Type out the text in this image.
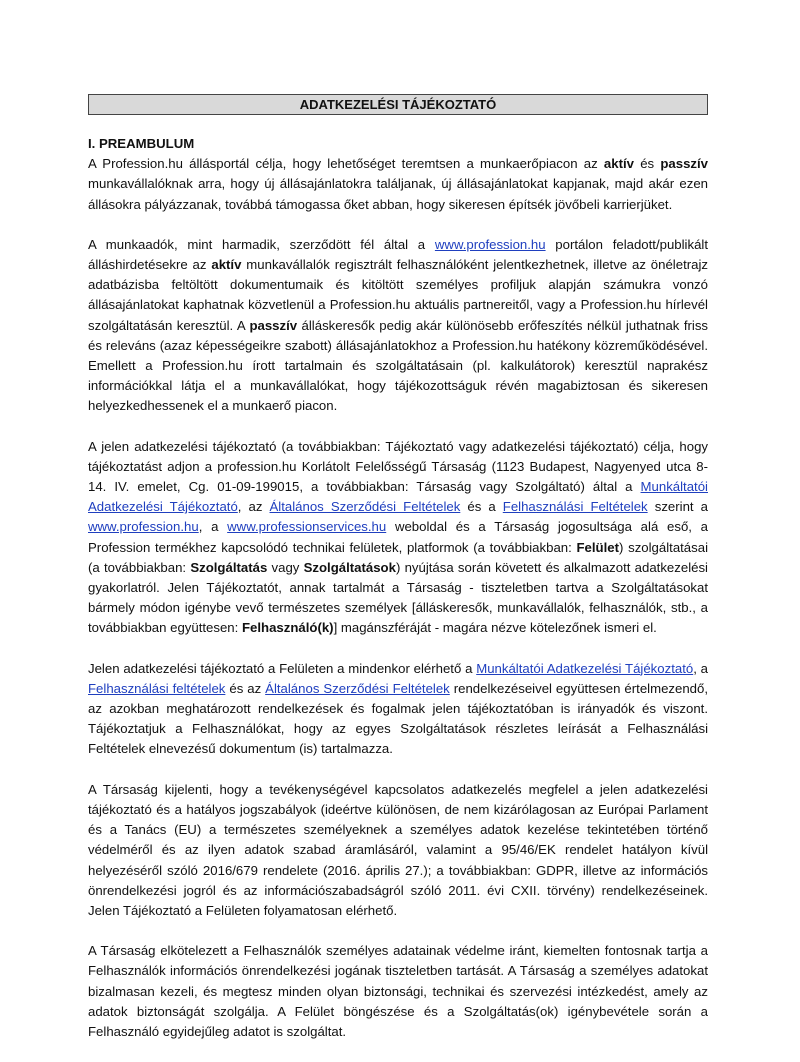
ADATKEZELÉSI TÁJÉKOZTATÓ
I. PREAMBULUM

A Profession.hu állásportál célja, hogy lehetőséget teremtsen a munkaerőpiacon az aktív és passzív munkavállalóknak arra, hogy új állásajánlatokra találjanak, új állásajánlatokat kapjanak, majd akár ezen állásokra pályázzanak, továbbá támogassa őket abban, hogy sikeresen építsék jövőbeli karrierjüket.

A munkaadók, mint harmadik, szerződött fél által a www.profession.hu portálon feladott/publikált álláshirdetésekre az aktív munkavállalók regisztrált felhasználóként jelentkezhetnek, illetve az önéletrajz adatbázisba feltöltött dokumentumaik és kitöltött személyes profiljuk alapján számukra vonzó állásajánlatokat kaphatnak közvetlenül a Profession.hu aktuális partnereitől, vagy a Profession.hu hírlevél szolgáltatásán keresztül. A passzív álláskeresők pedig akár különösebb erőfeszítés nélkül juthatnak friss és releváns (azaz képességeikre szabott) állásajánlatokhoz a Profession.hu hatékony közreműködésével. Emellett a Profession.hu írott tartalmain és szolgáltatásain (pl. kalkulátorok) keresztül naprakész információkkal látja el a munkavállalókat, hogy tájékozottságuk révén magabiztosan és sikeresen helyezkedhessenek el a munkaerő piacon.

A jelen adatkezelési tájékoztató (a továbbiakban: Tájékoztató vagy adatkezelési tájékoztató) célja, hogy tájékoztatást adjon a profession.hu Korlátolt Felelősségű Társaság (1123 Budapest, Nagyenyed utca 8-14. IV. emelet, Cg. 01-09-199015, a továbbiakban: Társaság vagy Szolgáltató) által a Munkáltatói Adatkezelési Tájékoztató, az Általános Szerződési Feltételek és a Felhasználási Feltételek szerint a www.profession.hu, a www.professionservices.hu weboldal és a Társaság jogosultsága alá eső, a Profession termékhez kapcsolódó technikai felületek, platformok (a továbbiakban: Felület) szolgáltatásai (a továbbiakban: Szolgáltatás vagy Szolgáltatások) nyújtása során követett és alkalmazott adatkezelési gyakorlatról. Jelen Tájékoztatót, annak tartalmát a Társaság - tiszteletben tartva a Szolgáltatásokat bármely módon igénybe vevő természetes személyek [álláskeresők, munkavállalók, felhasználók, stb., a továbbiakban együttesen: Felhasználó(k)] magánszféráját - magára nézve kötelezőnek ismeri el.

Jelen adatkezelési tájékoztató a Felületen a mindenkor elérhető a Munkáltatói Adatkezelési Tájékoztató, a Felhasználási feltételek és az Általános Szerződési Feltételek rendelkezéseivel együttesen értelmezendő, az azokban meghatározott rendelkezések és fogalmak jelen tájékoztatóban is irányadók és viszont. Tájékoztatjuk a Felhasználókat, hogy az egyes Szolgáltatások részletes leírását a Felhasználási Feltételek elnevezésű dokumentum (is) tartalmazza.

A Társaság kijelenti, hogy a tevékenységével kapcsolatos adatkezelés megfelel a jelen adatkezelési tájékoztató és a hatályos jogszabályok (ideértve különösen, de nem kizárólagosan az Európai Parlament és a Tanács (EU) a természetes személyeknek a személyes adatok kezelése tekintetében történő védelméről és az ilyen adatok szabad áramlásáról, valamint a 95/46/EK rendelet hatályon kívül helyezéséről szóló 2016/679 rendelete (2016. április 27.); a továbbiakban: GDPR, illetve az információs önrendelkezési jogról és az információszabadságról szóló 2011. évi CXII. törvény) rendelkezéseinek. Jelen Tájékoztató a Felületen folyamatosan elérhető.

A Társaság elkötelezett a Felhasználók személyes adatainak védelme iránt, kiemelten fontosnak tartja a Felhasználók információs önrendelkezési jogának tiszteletben tartását. A Társaság a személyes adatokat bizalmasan kezeli, és megtesz minden olyan biztonsági, technikai és szervezési intézkedést, amely az adatok biztonságát szolgálja. A Felület böngészése és a Szolgáltatás(ok) igénybevétele során a Felhasználó egyidejűleg adatot is szolgáltat.
